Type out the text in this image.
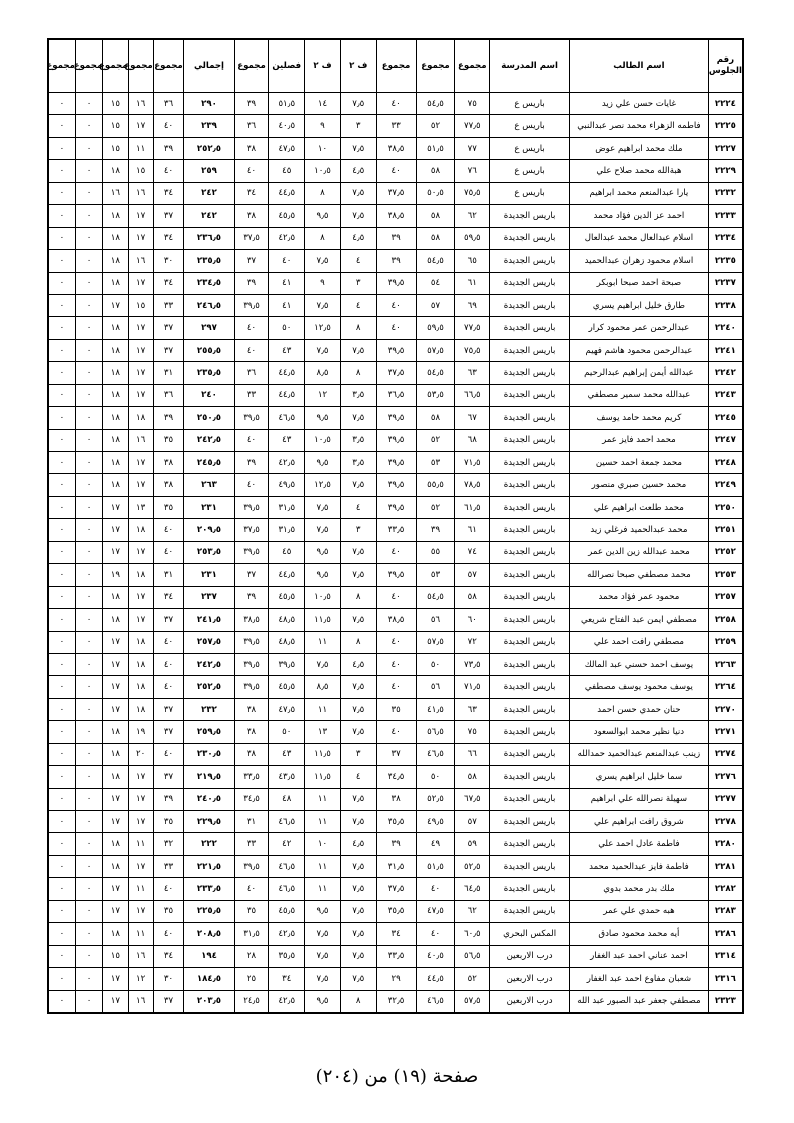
رقم الجلوس	اسم الطالب	اسم المدرسة	مجموع	مجموع	مجموع	ف ٢	ف ٢	فصلين	مجموع	إجمالي	مجموع	مجموع	مجموع	مجموع	مجموع
٢٢٢٤	غايات حسن علي زيد	باريس ع	٧٥	٥٤٫٥	٤٠	٧٫٥	١٤	٥١٫٥	٣٩	٢٩٠	٣٦	١٦	١٥	٠	٠
٢٢٢٥	فاطمه الزهراء محمد نصر عبدالنبي	باريس ع	٧٧٫٥	٥٢	٣٣	٣	٩	٤٠٫٥	٣٦	٢٣٩	٤٠	١٧	١٥	٠	٠
٢٢٢٧	ملك محمد ابراهيم عوض	باريس ع	٧٧	٥١٫٥	٣٨٫٥	٧٫٥	١٠	٤٧٫٥	٣٨	٢٥٢٫٥	٣٩	١١	١٥	٠	٠
٢٢٢٩	هبةالله محمد صلاح علي	باريس ع	٧٦	٥٨	٤٠	٤٫٥	١٠٫٥	٤٥	٤٠	٢٥٩	٤٠	١٥	١٨	٠	٠
٢٢٣٢	يارا عبدالمنعم محمد ابراهيم	باريس ع	٧٥٫٥	٥٠٫٥	٣٧٫٥	٧٫٥	٨	٤٤٫٥	٣٤	٢٤٢	٣٤	١٦	١٦	٠	٠
٢٢٣٣	احمد عز الدين فؤاد محمد	باريس الجديدة	٦٢	٥٨	٣٨٫٥	٧٫٥	٩٫٥	٤٥٫٥	٣٨	٢٤٢	٣٧	١٧	١٨	٠	٠
٢٢٣٤	اسلام عبدالعال محمد عبدالعال	باريس الجديدة	٥٩٫٥	٥٨	٣٩	٤٫٥	٨	٤٢٫٥	٣٧٫٥	٢٣٦٫٥	٣٤	١٧	١٨	٠	٠
٢٢٣٥	اسلام محمود زهران عبدالحميد	باريس الجديدة	٦٥	٥٤٫٥	٣٩	٤	٧٫٥	٤٠	٣٧	٢٣٥٫٥	٣٠	١٦	١٨	٠	٠
٢٢٣٧	صبحة احمد صبحا ابوبكر	باريس الجديدة	٦١	٥٤	٣٩٫٥	٣	٩	٤١	٣٩	٢٣٤٫٥	٣٤	١٧	١٨	٠	٠
٢٢٣٨	طارق خليل ابراهيم يسري	باريس الجديدة	٦٩	٥٧	٤٠	٤	٧٫٥	٤١	٣٩٫٥	٢٤٦٫٥	٣٣	١٥	١٧	٠	٠
٢٢٤٠	عبدالرحمن عمر محمود كرار	باريس الجديدة	٧٧٫٥	٥٩٫٥	٤٠	٨	١٢٫٥	٥٠	٤٠	٢٩٧	٣٧	١٧	١٨	٠	٠
٢٢٤١	عبدالرحمن محمود هاشم فهيم	باريس الجديدة	٧٥٫٥	٥٧٫٥	٣٩٫٥	٧٫٥	٧٫٥	٤٣	٤٠	٢٥٥٫٥	٣٧	١٧	١٨	٠	٠
٢٢٤٢	عبدالله أيمن إبراهيم عبدالرحيم	باريس الجديدة	٦٣	٥٤٫٥	٣٧٫٥	٨	٨٫٥	٤٤٫٥	٣٦	٢٣٥٫٥	٣١	١٧	١٨	٠	٠
٢٢٤٣	عبدالله محمد سمير مصطفي	باريس الجديدة	٦٦٫٥	٥٣٫٥	٣٦٫٥	٣٫٥	١٢	٤٤٫٥	٣٣	٢٤٠	٣٦	١٧	١٨	٠	٠
٢٢٤٥	كريم محمد حامد يوسف	باريس الجديدة	٦٧	٥٨	٣٩٫٥	٧٫٥	٩٫٥	٤٦٫٥	٣٩٫٥	٢٥٠٫٥	٣٩	١٨	١٨	٠	٠
٢٢٤٧	محمد احمد فايز عمر	باريس الجديدة	٦٨	٥٢	٣٩٫٥	٣٫٥	١٠٫٥	٤٣	٤٠	٢٤٢٫٥	٣٥	١٦	١٨	٠	٠
٢٢٤٨	محمد جمعة احمد حسين	باريس الجديدة	٧١٫٥	٥٣	٣٩٫٥	٣٫٥	٩٫٥	٤٢٫٥	٣٩	٢٤٥٫٥	٣٨	١٧	١٨	٠	٠
٢٢٤٩	محمد حسين صبري منصور	باريس الجديدة	٧٨٫٥	٥٥٫٥	٣٩٫٥	٧٫٥	١٢٫٥	٤٩٫٥	٤٠	٢٦٣	٣٨	١٧	١٨	٠	٠
٢٢٥٠	محمد طلعت ابراهيم علي	باريس الجديدة	٦١٫٥	٥٢	٣٩٫٥	٤	٧٫٥	٣١٫٥	٣٩٫٥	٢٣١	٣٥	١٣	١٧	٠	٠
٢٢٥١	محمد عبدالحميد فرغلي زيد	باريس الجديدة	٦١	٣٩	٣٣٫٥	٣	٧٫٥	٣١٫٥	٣٧٫٥	٢٠٩٫٥	٤٠	١٨	١٧	٠	٠
٢٢٥٢	محمد عبدالله زين الدين عمر	باريس الجديدة	٧٤	٥٥	٤٠	٧٫٥	٩٫٥	٤٥	٣٩٫٥	٢٥٣٫٥	٤٠	١٧	١٧	٠	٠
٢٢٥٣	محمد مصطفي صبحا نصرالله	باريس الجديدة	٥٧	٥٣	٣٩٫٥	٧٫٥	٩٫٥	٤٤٫٥	٣٧	٢٣١	٣١	١٨	١٩	٠	٠
٢٢٥٧	محمود عمر فؤاد محمد	باريس الجديدة	٥٨	٥٤٫٥	٤٠	٨	١٠٫٥	٤٥٫٥	٣٩	٢٣٧	٣٤	١٧	١٨	٠	٠
٢٢٥٨	مصطفي ايمن عبد الفتاح شريعي	باريس الجديدة	٦٠	٥٦	٣٨٫٥	٧٫٥	١١٫٥	٤٨٫٥	٣٨٫٥	٢٤١٫٥	٣٧	١٧	١٨	٠	٠
٢٢٥٩	مصطفي رافت احمد علي	باريس الجديدة	٧٢	٥٧٫٥	٤٠	٨	١١	٤٨٫٥	٣٩٫٥	٢٥٧٫٥	٤٠	١٨	١٧	٠	٠
٢٢٦٣	يوسف احمد حسني عبد المالك	باريس الجديدة	٧٣٫٥	٥٠	٤٠	٤٫٥	٧٫٥	٣٩٫٥	٣٩٫٥	٢٤٢٫٥	٤٠	١٨	١٧	٠	٠
٢٢٦٤	يوسف محمود يوسف مصطفي	باريس الجديدة	٧١٫٥	٥٦	٤٠	٧٫٥	٨٫٥	٤٥٫٥	٣٩٫٥	٢٥٢٫٥	٤٠	١٨	١٧	٠	٠
٢٢٧٠	حنان حمدي حسن احمد	باريس الجديدة	٦٣	٤١٫٥	٣٥	٧٫٥	١١	٤٧٫٥	٣٨	٢٣٢	٣٧	١٨	١٧	٠	٠
٢٢٧١	دنيا نظير محمد ابوالسعود	باريس الجديدة	٧٥	٥٦٫٥	٤٠	٧٫٥	١٣	٥٠	٣٨	٢٥٩٫٥	٣٧	١٩	١٨	٠	٠
٢٢٧٤	زينب عبدالمنعم عبدالحميد حمدالله	باريس الجديدة	٦٦	٤٦٫٥	٣٧	٣	١١٫٥	٤٣	٣٨	٢٣٠٫٥	٤٠	٢٠	١٨	٠	٠
٢٢٧٦	سما خليل ابراهيم يسري	باريس الجديدة	٥٨	٥٠	٣٤٫٥	٤	١١٫٥	٤٣٫٥	٣٣٫٥	٢١٩٫٥	٣٧	١٧	١٨	٠	٠
٢٢٧٧	سهيلة نصرالله علي ابراهيم	باريس الجديدة	٦٧٫٥	٥٢٫٥	٣٨	٧٫٥	١١	٤٨	٣٤٫٥	٢٤٠٫٥	٣٩	١٧	١٧	٠	٠
٢٢٧٨	شروق رافت ابراهيم علي	باريس الجديدة	٥٧	٤٩٫٥	٣٥٫٥	٧٫٥	١١	٤٦٫٥	٣١	٢٢٩٫٥	٣٥	١٧	١٧	٠	٠
٢٢٨٠	فاطمة عادل احمد علي	باريس الجديدة	٥٩	٤٩	٣٩	٤٫٥	١٠	٤٢	٣٣	٢٢٢	٣٢	١١	١٨	٠	٠
٢٢٨١	فاطمة فايز عبدالحميد محمد	باريس الجديدة	٥٢٫٥	٥١٫٥	٣١٫٥	٧٫٥	١١	٤٦٫٥	٣٩٫٥	٢٢١٫٥	٣٣	١٧	١٨	٠	٠
٢٢٨٢	ملك بدر محمد بدوي	باريس الجديدة	٦٤٫٥	٤٠	٣٧٫٥	٧٫٥	١١	٤٦٫٥	٤٠	٢٣٣٫٥	٤٠	١١	١٧	٠	٠
٢٢٨٣	هبه حمدي علي عمر	باريس الجديدة	٦٢	٤٧٫٥	٣٥٫٥	٧٫٥	٩٫٥	٤٥٫٥	٣٥	٢٢٥٫٥	٣٥	١٧	١٧	٠	٠
٢٢٨٦	أيه محمد محمود صادق	المكس البحري	٦٠٫٥	٤٠	٣٤	٧٫٥	٧٫٥	٤٢٫٥	٣١٫٥	٢٠٨٫٥	٤٠	١١	١٨	٠	٠
٢٣١٤	احمد عناني احمد عبد الغفار	درب الاربعين	٥٦٫٥	٤٠٫٥	٣٣٫٥	٧٫٥	٧٫٥	٣٥٫٥	٢٨	١٩٤	٣٤	١٦	١٥	٠	٠
٢٣١٦	شعبان مفاوع احمد عبد الغفار	درب الاربعين	٥٢	٤٤٫٥	٢٩	٧٫٥	٧٫٥	٣٤	٢٥	١٨٤٫٥	٣٠	١٢	١٧	٠	٠
٢٣٢٣	مصطفي جعفر عبد الصبور عبد الله	درب الاربعين	٥٧٫٥	٤٦٫٥	٣٢٫٥	٨	٩٫٥	٤٢٫٥	٢٤٫٥	٢٠٣٫٥	٣٧	١٦	١٧	٠	٠
صفحة (١٩) من (٢٠٤)
